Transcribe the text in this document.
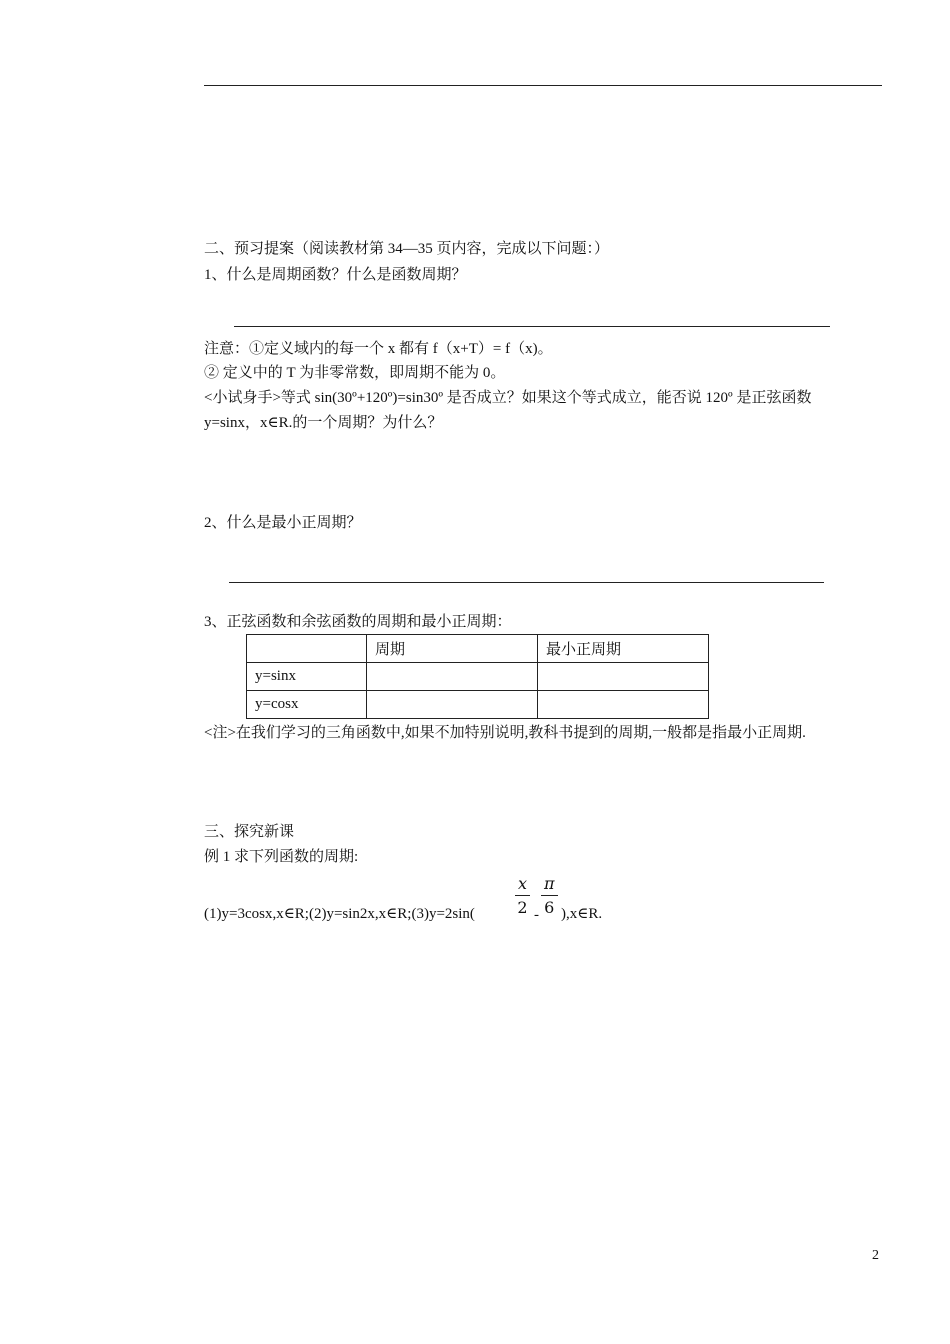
二、预习提案（阅读教材第 34—35 页内容，完成以下问题：）
1、什么是周期函数？什么是函数周期？
注意：①定义域内的每一个 x 都有 f（x+T）= f（x)。
② 定义中的 T 为非零常数，即周期不能为 0。
<小试身手>等式 sin(30º+120º)=sin30º 是否成立？如果这个等式成立，能否说 120º 是正弦函数
y=sinx，x∈R.的一个周期？为什么？
2、什么是最小正周期？
3、正弦函数和余弦函数的周期和最小正周期：
	周期	最小正周期
y=sinx		
y=cosx		
<注>在我们学习的三角函数中,如果不加特别说明,教科书提到的周期,一般都是指最小正周期.
三、探究新课
例 1 求下列函数的周期:
(1)y=3cosx,x∈R;(2)y=sin2x,x∈R;(3)y=2sin(	$\frac{x}{2} - \frac{\pi}{6}$ ),x∈R.
2
